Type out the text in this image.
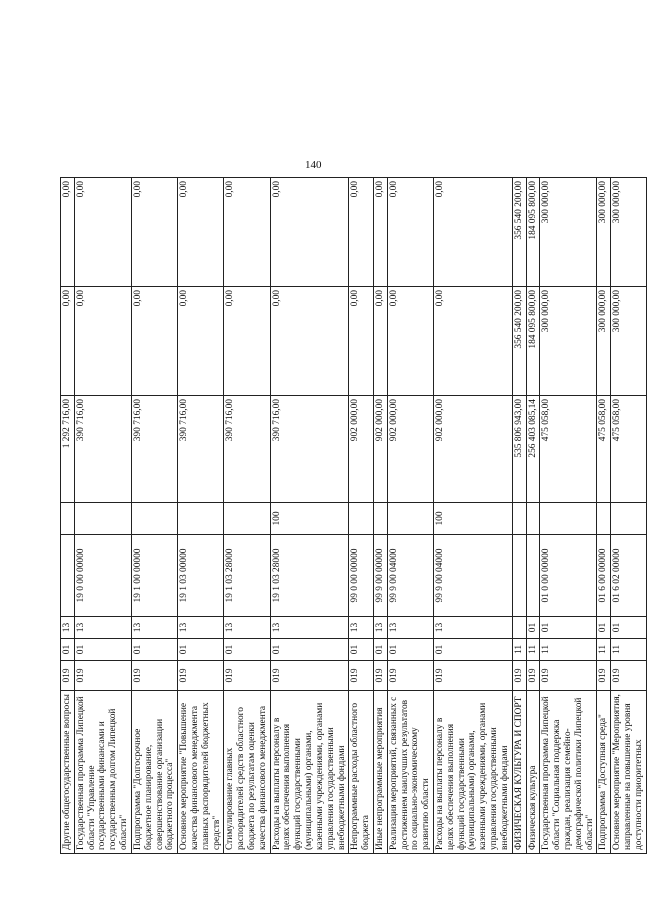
140
Другие общегосударственные вопросы	019	01	13			1 292 716,00	0,00	0,00
Государственная программа Липецкой области "Управление государственными финансами и государственным долгом Липецкой области"	019	01	13	19 0 00 00000		390 716,00	0,00	0,00
Подпрограмма "Долгосрочное бюджетное планирование, совершенствование организации бюджетного процесса"	019	01	13	19 1 00 00000		390 716,00	0,00	0,00
Основное мероприятие "Повышение качества финансового менеджмента главных распорядителей бюджетных средств"	019	01	13	19 1 03 00000		390 716,00	0,00	0,00
Стимулирование главных распорядителей средств областного бюджета по результатам оценки качества финансового менеджмента	019	01	13	19 1 03 28000		390 716,00	0,00	0,00
Расходы на выплаты персоналу в целях обеспечения выполнения функций государственными (муниципальными) органами, казенными учреждениями, органами управления государственными внебюджетными фондами	019	01	13	19 1 03 28000	100	390 716,00	0,00	0,00
Непрограммные расходы областного бюджета	019	01	13	99 0 00 00000		902 000,00	0,00	0,00
Иные непрограммные мероприятия	019	01	13	99 9 00 00000		902 000,00	0,00	0,00
Реализация мероприятий, связанных с достижением наилучших результатов по социально-экономическому развитию области	019	01	13	99 9 00 04000		902 000,00	0,00	0,00
Расходы на выплаты персоналу в целях обеспечения выполнения функций государственными (муниципальными) органами, казенными учреждениями, органами управления государственными внебюджетными фондами	019	01	13	99 9 00 04000	100	902 000,00	0,00	0,00
ФИЗИЧЕСКАЯ КУЛЬТУРА И СПОРТ	019	11				535 806 943,00	356 540 200,00	356 540 200,00
Физическая культура	019	11	01			256 403 085,14	184 095 800,00	184 095 800,00
Государственная программа Липецкой области "Социальная поддержка граждан, реализация семейно-демографической политики Липецкой области"	019	11	01	01 0 00 00000		475 058,00	300 000,00	300 000,00
Подпрограмма "Доступная среда"	019	11	01	01 6 00 00000		475 058,00	300 000,00	300 000,00
Основное мероприятие "Мероприятия, направленные на повышение уровня доступности приоритетных	019	11	01	01 6 02 00000		475 058,00	300 000,00	300 000,00
